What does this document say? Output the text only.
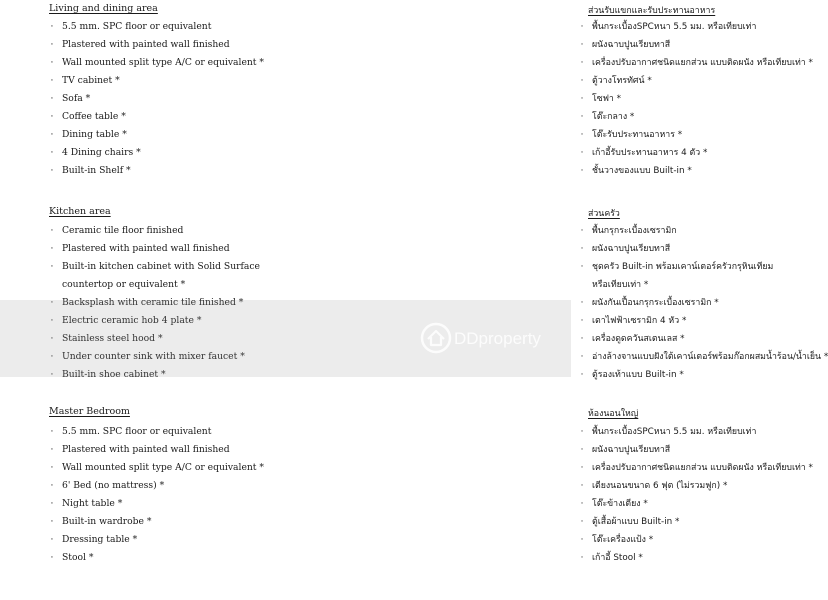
Living and dining area
· 5.5 mm. SPC floor or equivalent
· Plastered with painted wall finished
· Wall mounted split type A/C or equivalent *
· TV cabinet *
· Sofa *
· Coffee table *
· Dining table *
· 4 Dining chairs *
· Built-in Shelf *
Kitchen area
· Ceramic tile floor finished
· Plastered with painted wall finished
· Built-in kitchen cabinet with Solid Surface
countertop or equivalent *
· Backsplash with ceramic tile finished *
· Electric ceramic hob 4 plate *
· Stainless steel hood *
· Under counter sink with mixer faucet *
· Built-in shoe cabinet *
Master Bedroom
· 5.5 mm. SPC floor or equivalent
· Plastered with painted wall finished
· Wall mounted split type A/C or equivalent *
· 6' Bed (no mattress) *
· Night table *
· Built-in wardrobe *
· Dressing table *
· Stool *
ส่วนรับแขกและรับประทานอาหาร
· พื้นกระเบื้องSPCหนา 5.5 มม. หรือเทียบเท่า
· ผนังฉาบปูนเรียบทาสี
· เครื่องปรับอากาศชนิดแยกส่วน แบบติดผนัง หรือเทียบเท่า *
· ตู้วางโทรทัศน์ *
· โซฟา *
· โต๊ะกลาง *
· โต๊ะรับประทานอาหาร *
· เก้าอี้รับประทานอาหาร 4 ตัว *
· ชั้นวางของแบบ Built-in *
ส่วนครัว
· พื้นกรุกระเบื้องเซรามิก
· ผนังฉาบปูนเรียบทาสี
· ชุดครัว Built-in พร้อมเคาน์เตอร์ครัวกรุหินเทียม
หรือเทียบเท่า *
· ผนังกันเปื้อนกรุกระเบื้องเซรามิก *
· เตาไฟฟ้าเซรามิก 4 หัว *
· เครื่องดูดควันสเตนเลส *
· อ่างล้างจานแบบฝังใต้เคาน์เตอร์พร้อมก๊อกผสมน้ำร้อน/น้ำเย็น *
· ตู้รองเท้าแบบ Built-in *
ห้องนอนใหญ่
· พื้นกระเบื้องSPCหนา 5.5 มม. หรือเทียบเท่า
· ผนังฉาบปูนเรียบทาสี
· เครื่องปรับอากาศชนิดแยกส่วน แบบติดผนัง หรือเทียบเท่า *
· เตียงนอนขนาด 6 ฟุต (ไม่รวมฟูก) *
· โต๊ะข้างเตียง *
· ตู้เสื้อผ้าแบบ Built-in *
· โต๊ะเครื่องแป้ง *
· เก้าอี้ Stool *
DDproperty
